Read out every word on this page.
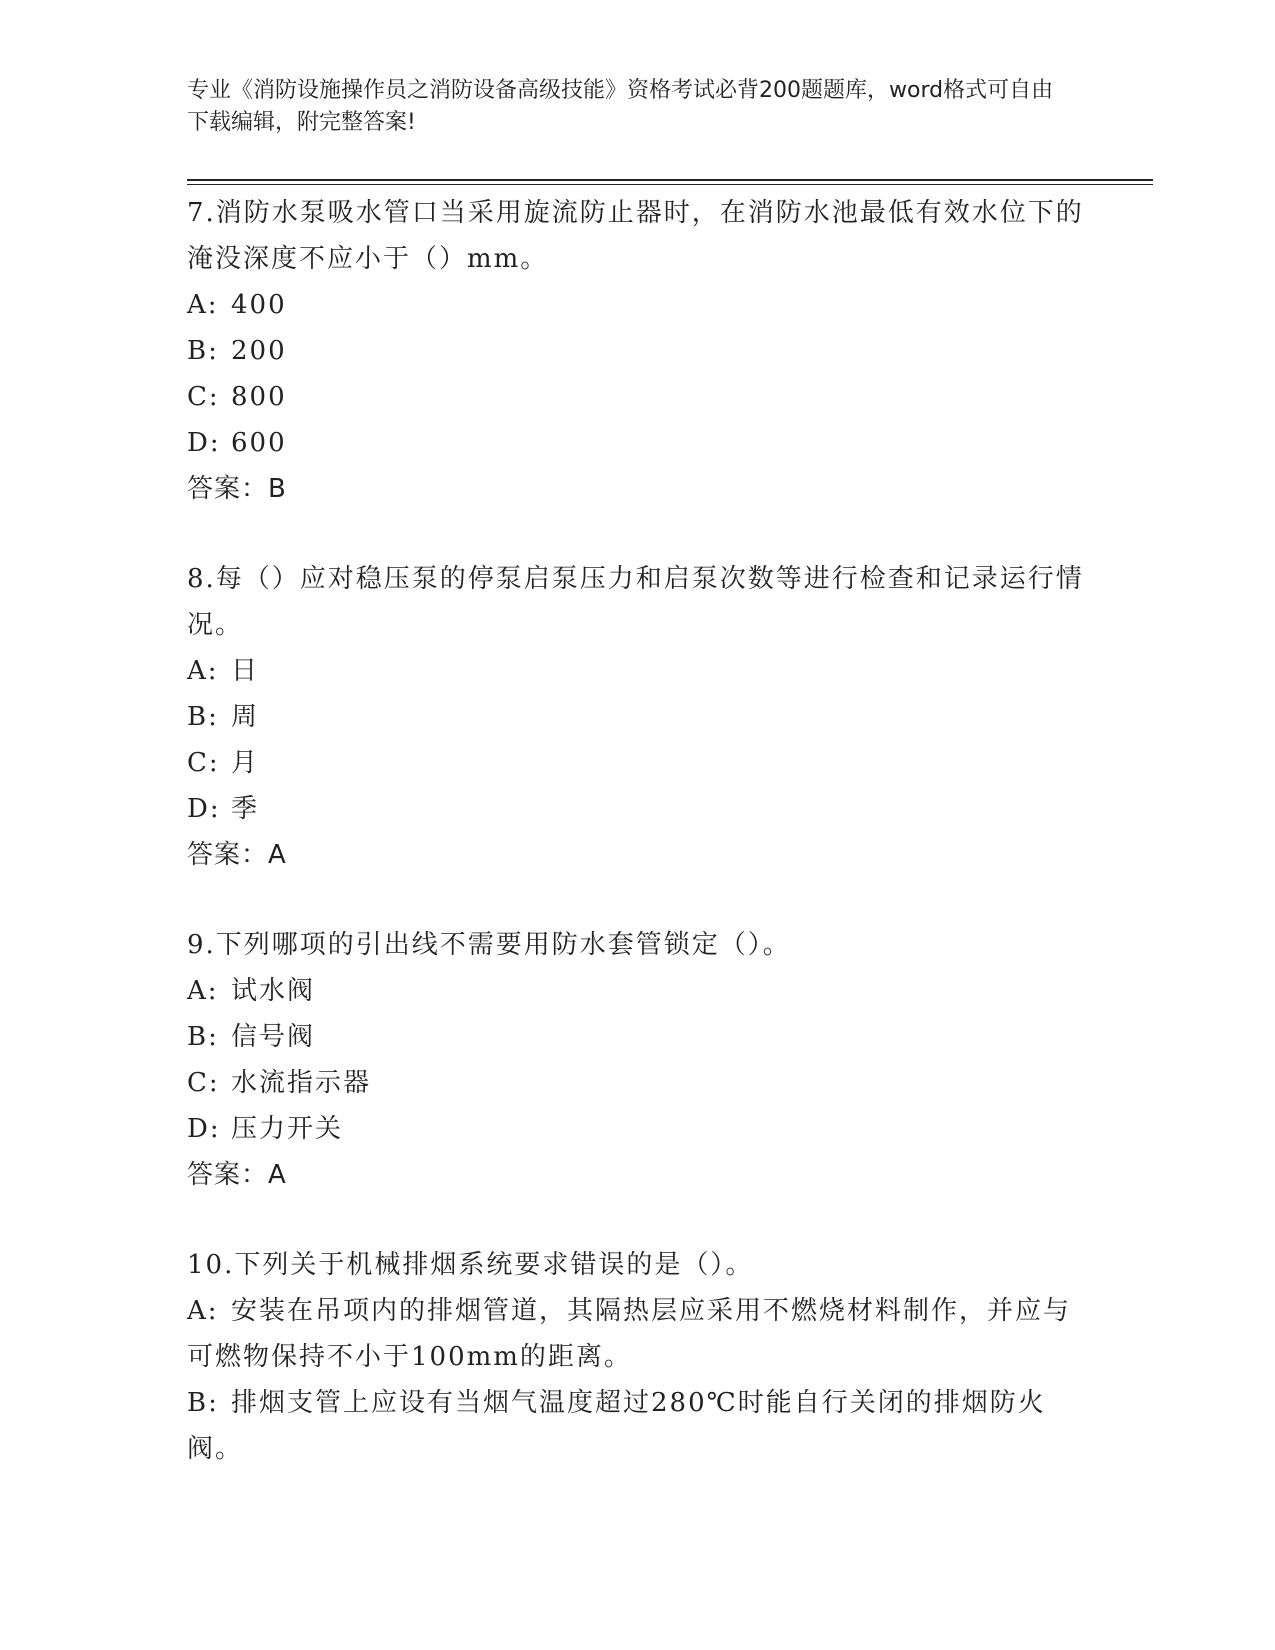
专业《消防设施操作员之消防设备高级技能》资格考试必背200题题库，word格式可自由下载编辑，附完整答案!
7.消防水泵吸水管口当采用旋流防止器时，在消防水池最低有效水位下的淹没深度不应小于（）mm。
A: 400
B: 200
C: 800
D: 600
答案：B
8.每（）应对稳压泵的停泵启泵压力和启泵次数等进行检查和记录运行情况。
A: 日
B: 周
C: 月
D: 季
答案：A
9.下列哪项的引出线不需要用防水套管锁定（）。
A: 试水阀
B: 信号阀
C: 水流指示器
D: 压力开关
答案：A
10.下列关于机械排烟系统要求错误的是（）。
A: 安装在吊项内的排烟管道，其隔热层应采用不燃烧材料制作，并应与可燃物保持不小于100mm的距离。
B: 排烟支管上应设有当烟气温度超过280℃时能自行关闭的排烟防火阀。
